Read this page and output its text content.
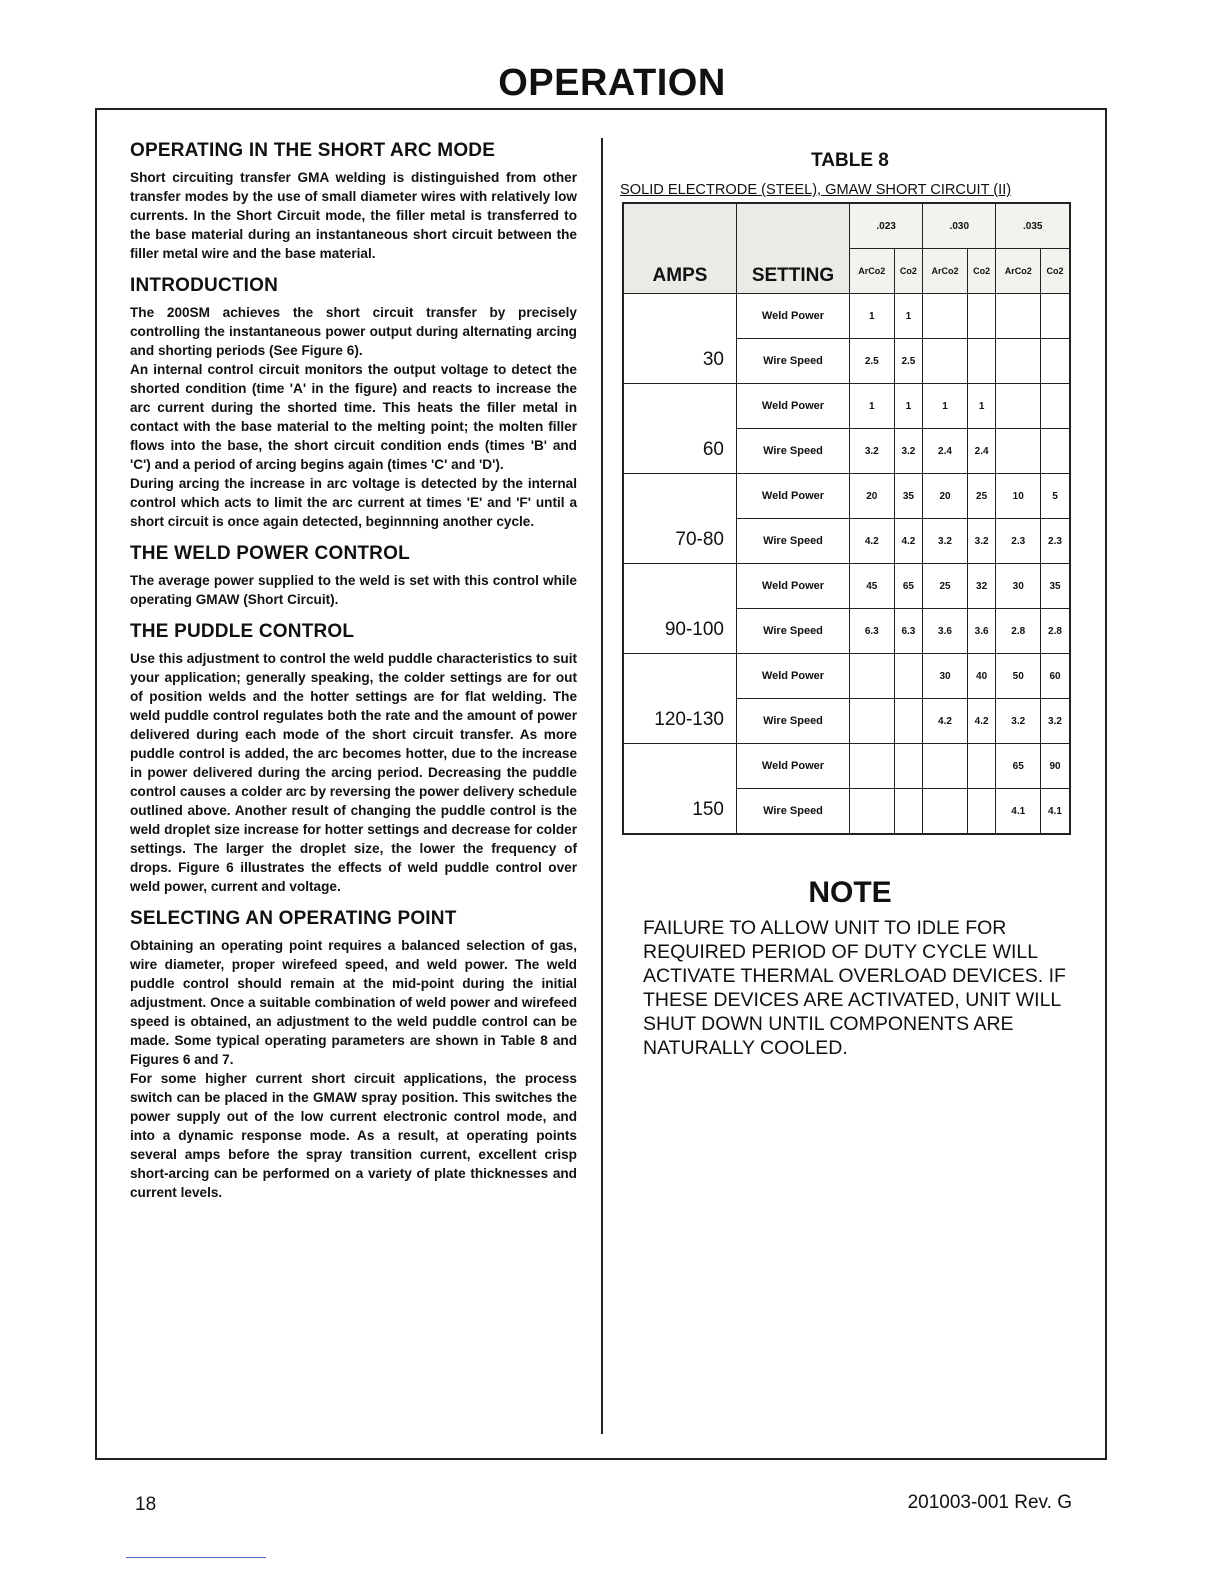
OPERATION
OPERATING IN THE SHORT ARC MODE

Short circuiting transfer GMA welding is distinguished from other transfer modes by the use of small diameter wires with relatively low currents. In the Short Circuit mode, the filler metal is transferred to the base material during an instantaneous short circuit between the filler metal wire and the base material.

INTRODUCTION

The 200SM achieves the short circuit transfer by precisely controlling the instantaneous power output during alternating arcing and shorting periods (See Figure 6).

An internal control circuit monitors the output voltage to detect the shorted condition (time 'A' in the figure) and reacts to increase the arc current during the shorted time. This heats the filler metal in contact with the base material to the melting point; the molten filler flows into the base, the short circuit condition ends (times 'B' and 'C') and a period of arcing begins again (times 'C' and 'D').

During arcing the increase in arc voltage is detected by the internal control which acts to limit the arc current at times 'E' and 'F' until a short circuit is once again detected, beginnning another cycle.

THE WELD POWER CONTROL

The average power supplied to the weld is set with this control while operating GMAW (Short Circuit).

THE PUDDLE CONTROL

Use this adjustment to control the weld puddle characteristics to suit your application; generally speaking, the colder settings are for out of position welds and the hotter settings are for flat welding. The weld puddle control regulates both the rate and the amount of power delivered during each mode of the short circuit transfer. As more puddle control is added, the arc becomes hotter, due to the increase in power delivered during the arcing period. Decreasing the puddle control causes a colder arc by reversing the power delivery schedule outlined above. Another result of changing the puddle control is the weld droplet size increase for hotter settings and decrease for colder settings. The larger the droplet size, the lower the frequency of drops. Figure 6 illustrates the effects of weld puddle control over weld power, current and voltage.

SELECTING AN OPERATING POINT

Obtaining an operating point requires a balanced selection of gas, wire diameter, proper wirefeed speed, and weld power. The weld puddle control should remain at the mid-point during the initial adjustment. Once a suitable combination of weld power and wirefeed speed is obtained, an adjustment to the weld puddle control can be made. Some typical operating parameters are shown in Table 8 and Figures 6 and 7.

For some higher current short circuit applications, the process switch can be placed in the GMAW spray position. This switches the power supply out of the low current electronic control mode, and into a dynamic response mode. As a result, at operating points several amps before the spray transition current, excellent crisp short-arcing can be performed on a variety of plate thicknesses and current levels.

TABLE 8
SOLID ELECTRODE (STEEL), GMAW SHORT CIRCUIT (II)
AMPS	SETTING	.023		.030		.035	
		ArCo2	Co2	ArCo2	Co2	ArCo2	Co2
30	Weld Power	1	1				
	Wire Speed	2.5	2.5				
60	Weld Power	1	1	1	1		
	Wire Speed	3.2	3.2	2.4	2.4		
70-80	Weld Power	20	35	20	25	10	5
	Wire Speed	4.2	4.2	3.2	3.2	2.3	2.3
90-100	Weld Power	45	65	25	32	30	35
	Wire Speed	6.3	6.3	3.6	3.6	2.8	2.8
120-130	Weld Power			30	40	50	60
	Wire Speed			4.2	4.2	3.2	3.2
150	Weld Power					65	90
	Wire Speed					4.1	4.1
NOTE

FAILURE TO ALLOW UNIT TO IDLE FOR REQUIRED PERIOD OF DUTY CYCLE WILL ACTIVATE THERMAL OVERLOAD DEVICES. IF THESE DEVICES ARE ACTIVATED, UNIT WILL SHUT DOWN UNTIL COMPONENTS ARE NATURALLY COOLED.

18	201003-001 Rev. G
